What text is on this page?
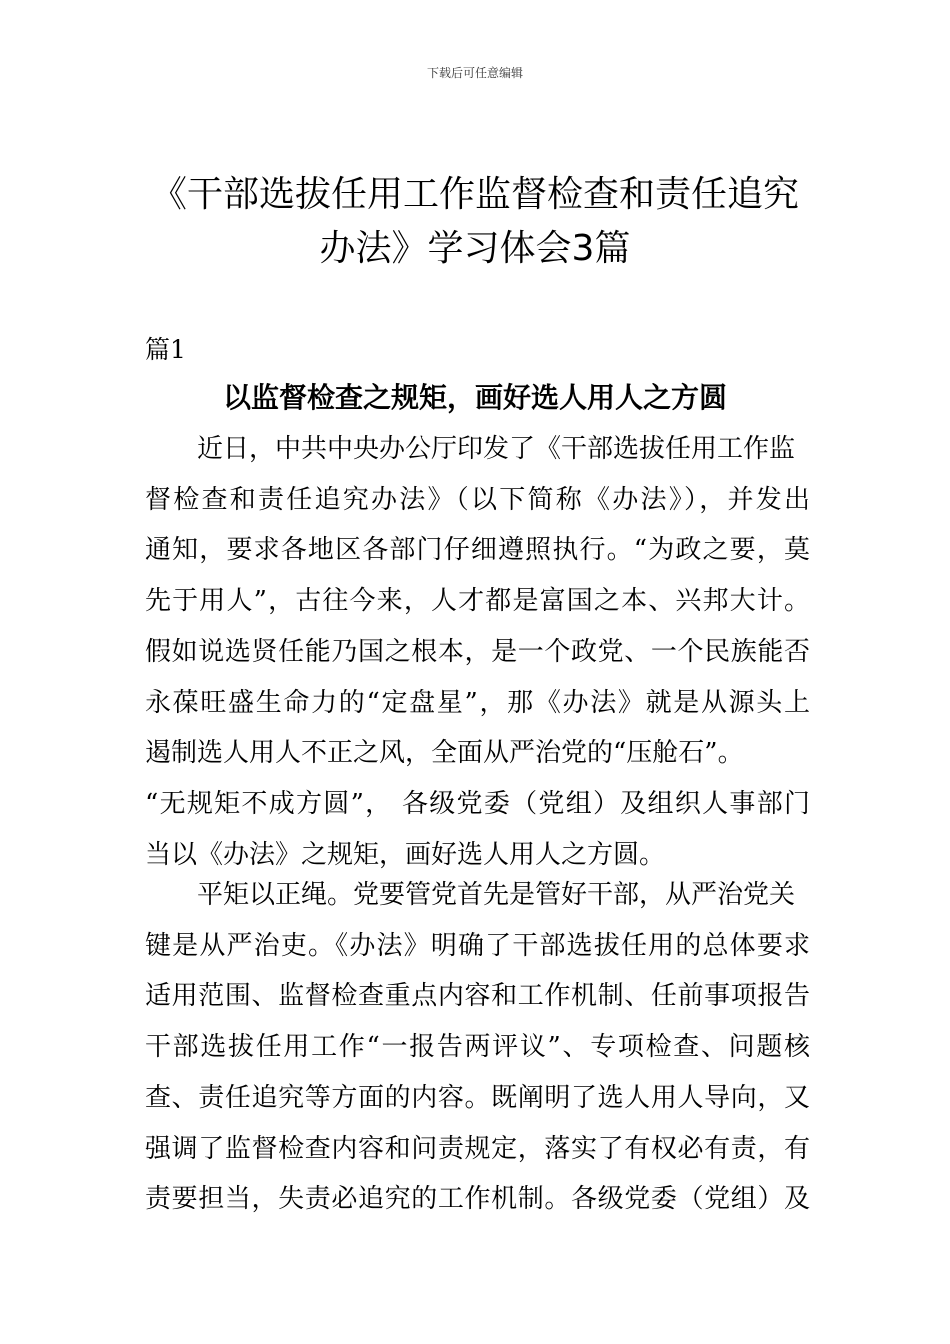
下载后可任意编辑
《干部选拔任用工作监督检查和责任追究
办法》学习体会3篇
篇1
以监督检查之规矩，画好选人用人之方圆
近日，中共中央办公厅印发了《干部选拔任用工作监
督检查和责任追究办法》（以下简称《办法》），并发出
通知，要求各地区各部门仔细遵照执行。“为政之要，莫
先于用人”，古往今来，人才都是富国之本、兴邦大计。
假如说选贤任能乃国之根本，是一个政党、一个民族能否
永葆旺盛生命力的“定盘星”，那《办法》就是从源头上
遏制选人用人不正之风，全面从严治党的“压舱石”。
“无规矩不成方圆”， 各级党委（党组）及组织人事部门
当以《办法》之规矩，画好选人用人之方圆。
平矩以正绳。党要管党首先是管好干部，从严治党关
键是从严治吏。《办法》明确了干部选拔任用的总体要求
适用范围、监督检查重点内容和工作机制、任前事项报告
干部选拔任用工作“一报告两评议”、专项检查、问题核
查、责任追究等方面的内容。既阐明了选人用人导向，又
强调了监督检查内容和问责规定，落实了有权必有责，有
责要担当，失责必追究的工作机制。各级党委（党组）及
